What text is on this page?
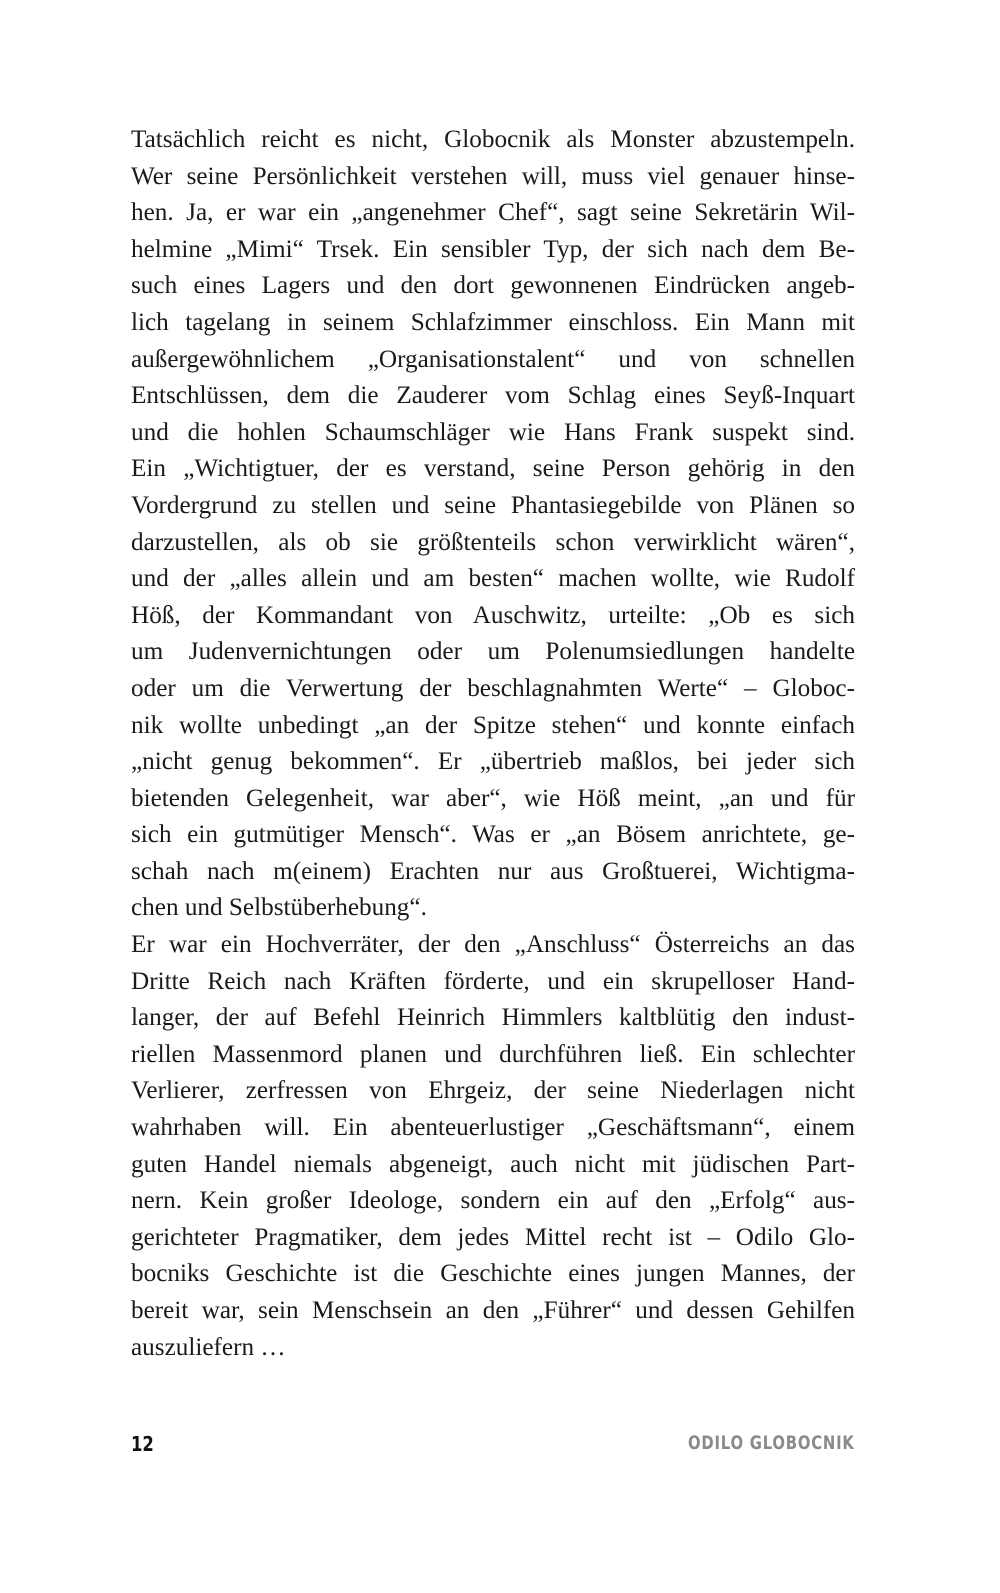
Tatsächlich reicht es nicht, Globocnik als Monster abzustempeln.
Wer seine Persönlichkeit verstehen will, muss viel genauer hinse-
hen. Ja, er war ein „angenehmer Chef“, sagt seine Sekretärin Wil-
helmine „Mimi“ Trsek. Ein sensibler Typ, der sich nach dem Be-
such eines Lagers und den dort gewonnenen Eindrücken angeb-
lich tagelang in seinem Schlafzimmer einschloss. Ein Mann mit
außergewöhnlichem „Organisationstalent“ und von schnellen
Entschlüssen, dem die Zauderer vom Schlag eines Seyß-Inquart
und die hohlen Schaumschläger wie Hans Frank suspekt sind.
Ein „Wichtigtuer, der es verstand, seine Person gehörig in den
Vordergrund zu stellen und seine Phantasiegebilde von Plänen so
darzustellen, als ob sie größtenteils schon verwirklicht wären“,
und der „alles allein und am besten“ machen wollte, wie Rudolf
Höß, der Kommandant von Auschwitz, urteilte: „Ob es sich
um Judenvernichtungen oder um Polenumsiedlungen handelte
oder um die Verwertung der beschlagnahmten Werte“ – Globoc-
nik wollte unbedingt „an der Spitze stehen“ und konnte einfach
„nicht genug bekommen“. Er „übertrieb maßlos, bei jeder sich
bietenden Gelegenheit, war aber“, wie Höß meint, „an und für
sich ein gutmütiger Mensch“. Was er „an Bösem anrichtete, ge-
schah nach m(einem) Erachten nur aus Großtuerei, Wichtigma-
chen und Selbstüberhebung“.
Er war ein Hochverräter, der den „Anschluss“ Österreichs an das
Dritte Reich nach Kräften förderte, und ein skrupelloser Hand-
langer, der auf Befehl Heinrich Himmlers kaltblütig den indust-
riellen Massenmord planen und durchführen ließ. Ein schlechter
Verlierer, zerfressen von Ehrgeiz, der seine Niederlagen nicht
wahrhaben will. Ein abenteuerlustiger „Geschäftsmann“, einem
guten Handel niemals abgeneigt, auch nicht mit jüdischen Part-
nern. Kein großer Ideologe, sondern ein auf den „Erfolg“ aus-
gerichteter Pragmatiker, dem jedes Mittel recht ist – Odilo Glo-
bocniks Geschichte ist die Geschichte eines jungen Mannes, der
bereit war, sein Menschsein an den „Führer“ und dessen Gehilfen
auszuliefern …
12	ODILO GLOBOCNIK
